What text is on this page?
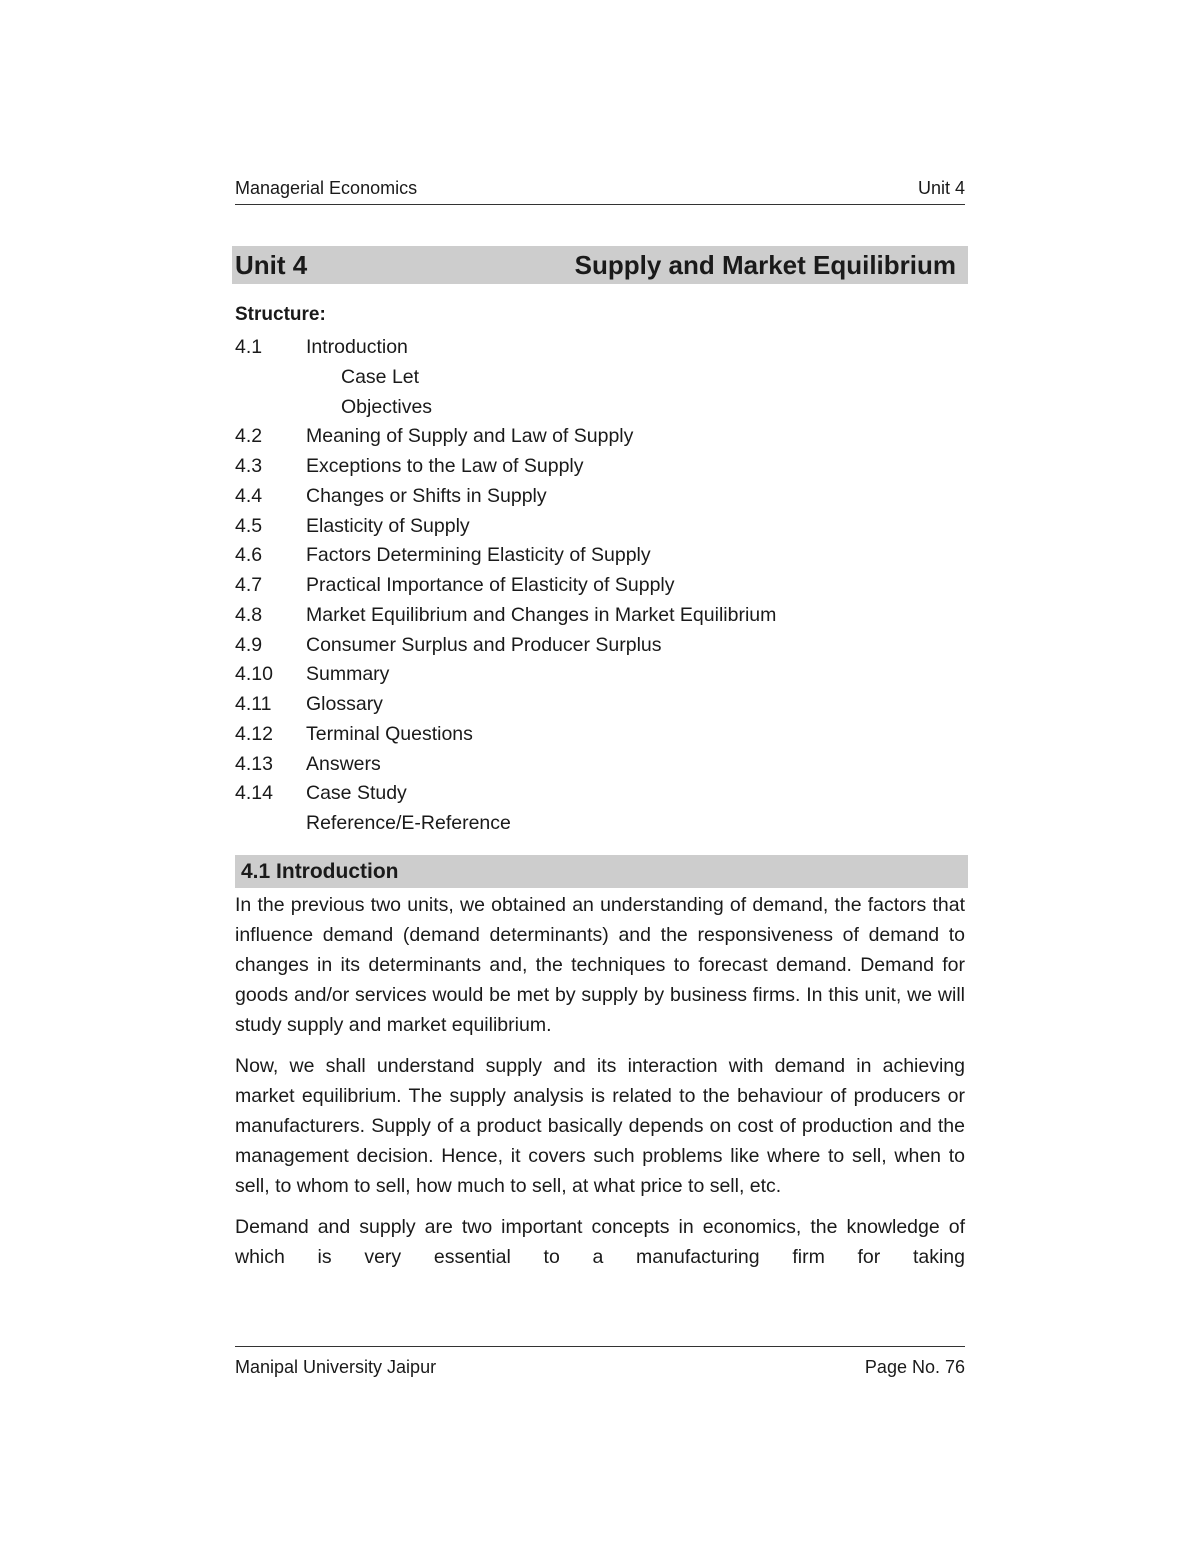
Managerial Economics	Unit 4
Unit 4	Supply and Market Equilibrium
Structure:
4.1	Introduction
Case Let
Objectives
4.2	Meaning of Supply and Law of Supply
4.3	Exceptions to the Law of Supply
4.4	Changes or Shifts in Supply
4.5	Elasticity of Supply
4.6	Factors Determining Elasticity of Supply
4.7	Practical Importance of Elasticity of Supply
4.8	Market Equilibrium and Changes in Market Equilibrium
4.9	Consumer Surplus and Producer Surplus
4.10	Summary
4.11	Glossary
4.12	Terminal Questions
4.13	Answers
4.14	Case Study
Reference/E-Reference
4.1 Introduction

In the previous two units, we obtained an understanding of demand, the factors that influence demand (demand determinants) and the responsiveness of demand to changes in its determinants and, the techniques to forecast demand. Demand for goods and/or services would be met by supply by business firms. In this unit, we will study supply and market equilibrium.

Now, we shall understand supply and its interaction with demand in achieving market equilibrium. The supply analysis is related to the behaviour of producers or manufacturers. Supply of a product basically depends on cost of production and the management decision. Hence, it covers such problems like where to sell, when to sell, to whom to sell, how much to sell, at what price to sell, etc.

Demand and supply are two important concepts in economics, the knowledge of which is very essential to a manufacturing firm for taking

Manipal University Jaipur	Page No. 76
